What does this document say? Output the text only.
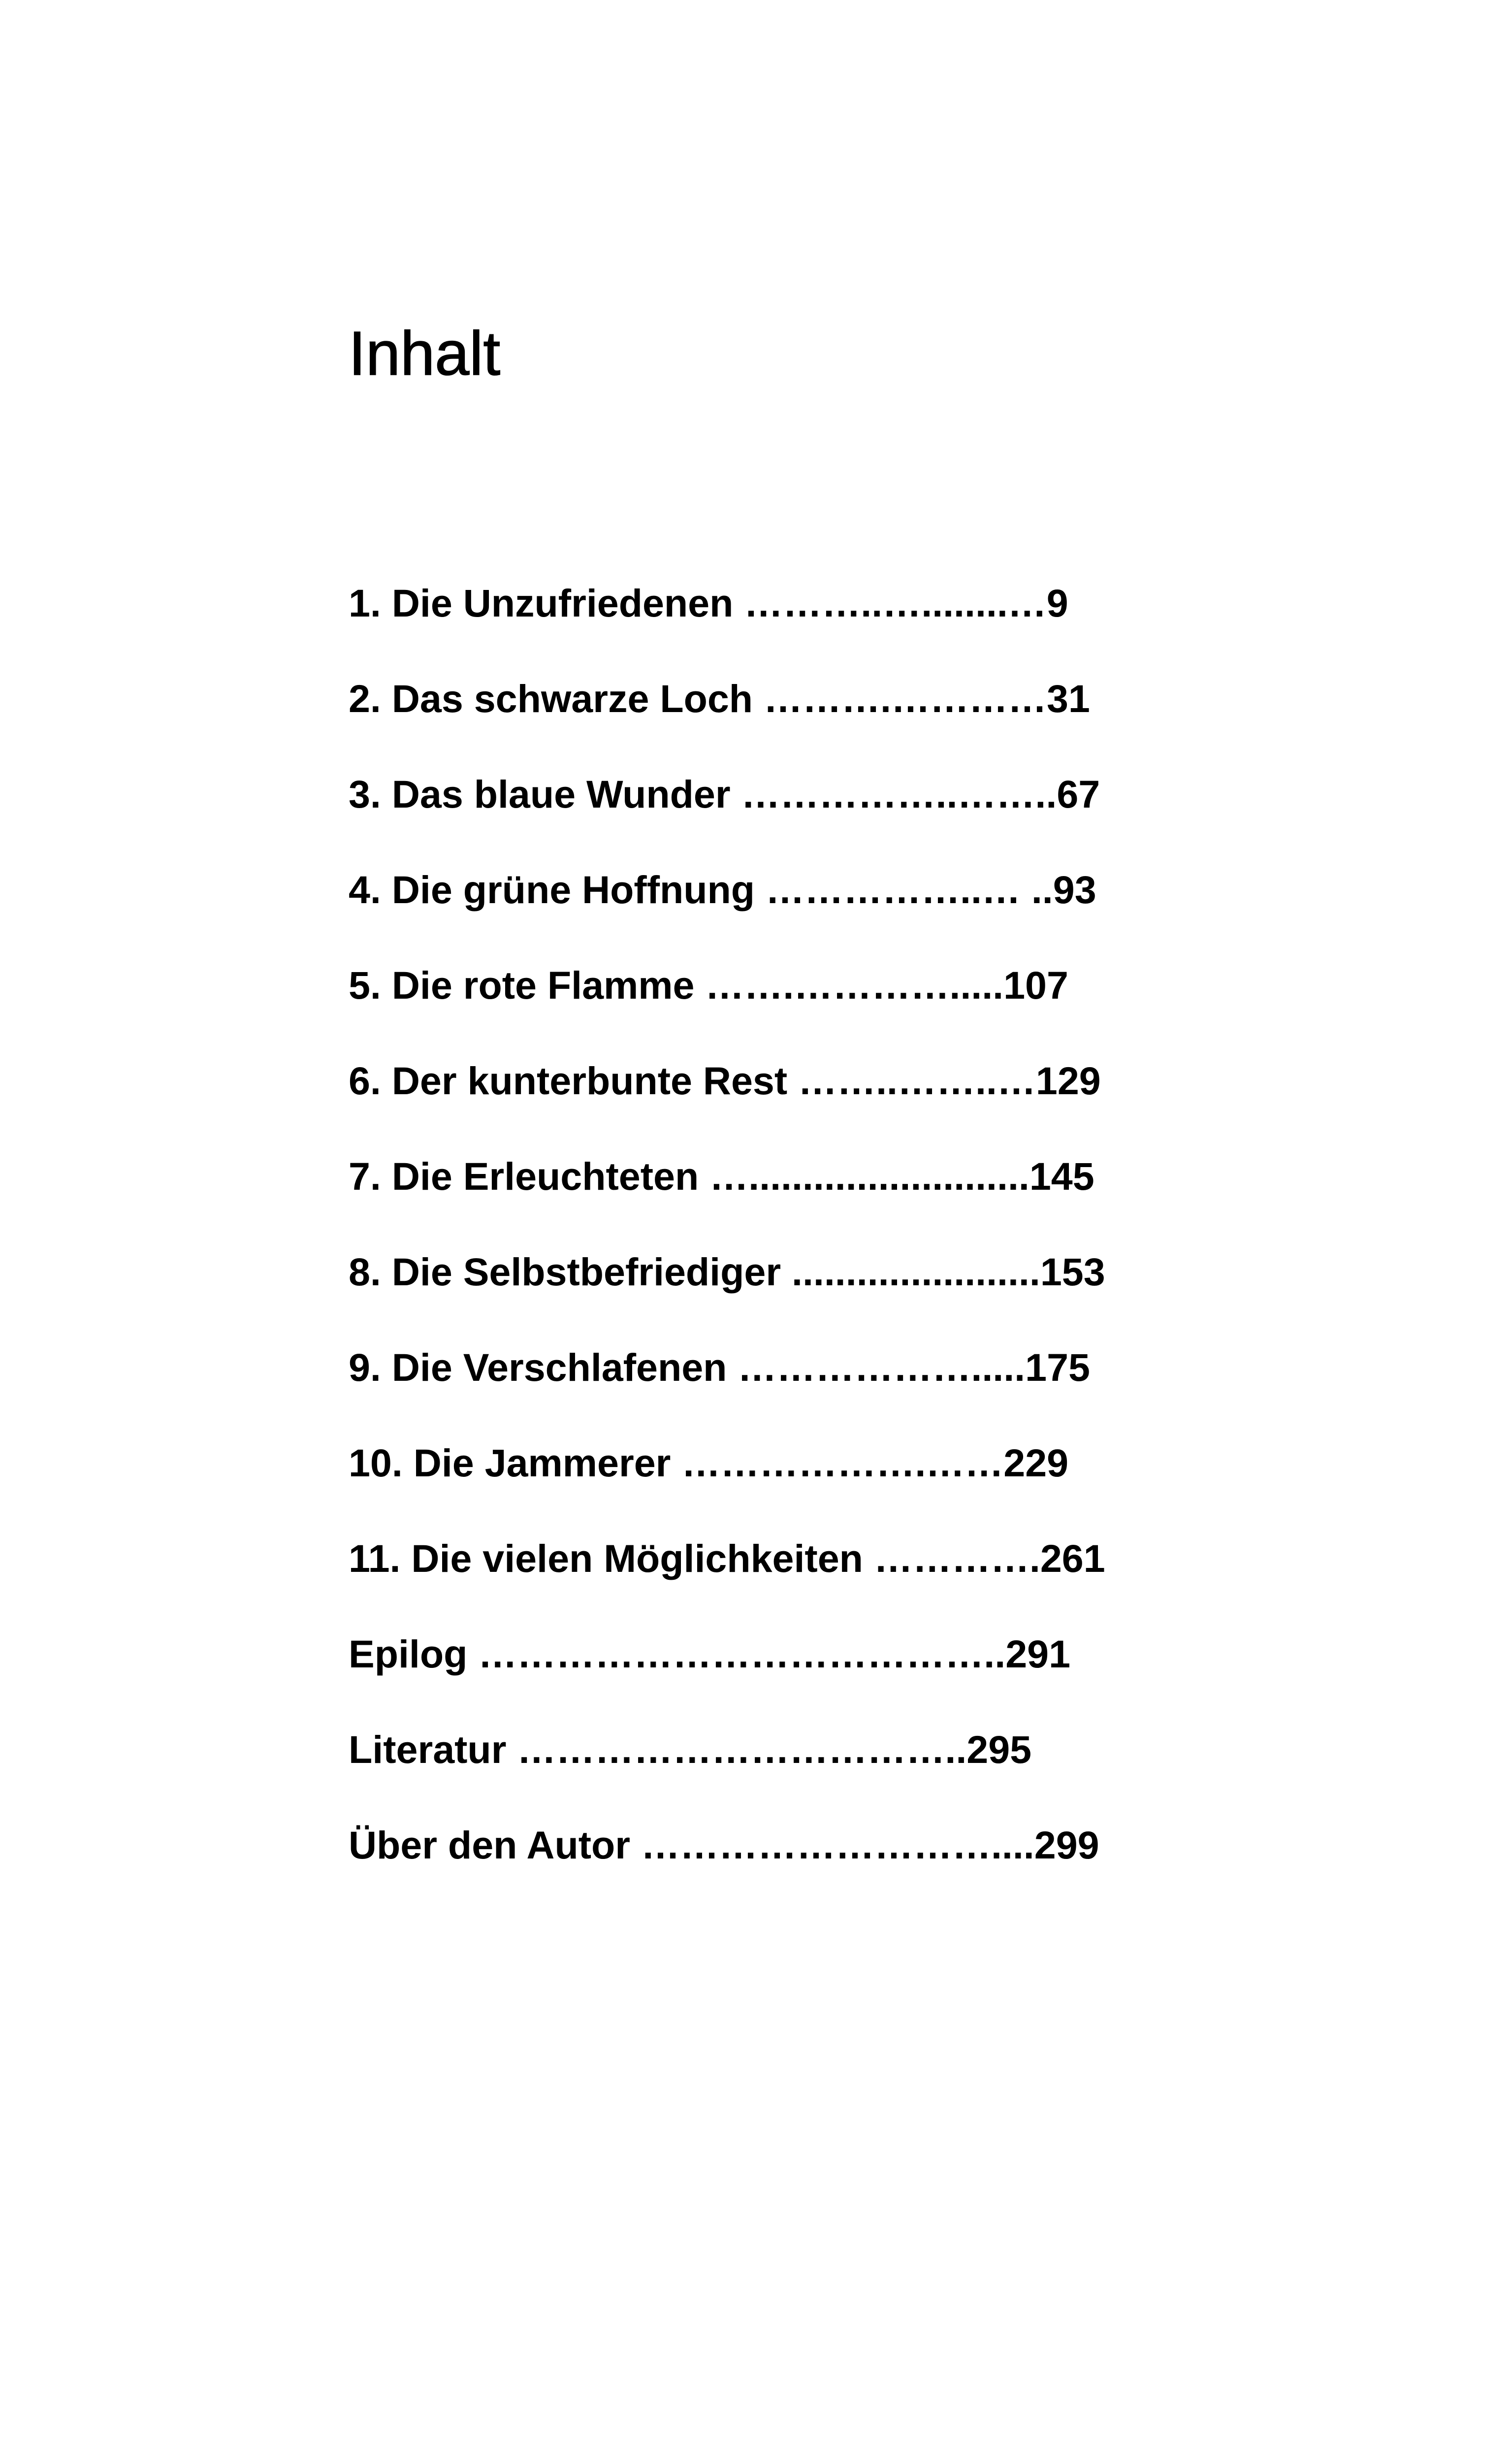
Inhalt
1. Die Unzufriedenen ………..…........…9
2. Das schwarze Loch ……….…………31
3. Das blaue Wunder ……………..……..67
4. Die grüne Hoffnung ……………..… ..93
5. Die rote Flamme …….………….....107
6. Der kunterbunte Rest ……..……..…129
7. Die Erleuchteten …..........................145
8. Die Selbstbefriediger .......................153
9. Die Verschlafenen ……………….....175
10. Die Jammerer ……………….……229
11. Die vielen Möglichkeiten ………….261
Epilog …………………………………..291
Literatur ……………………………..295
Über den Autor ………………………....299
